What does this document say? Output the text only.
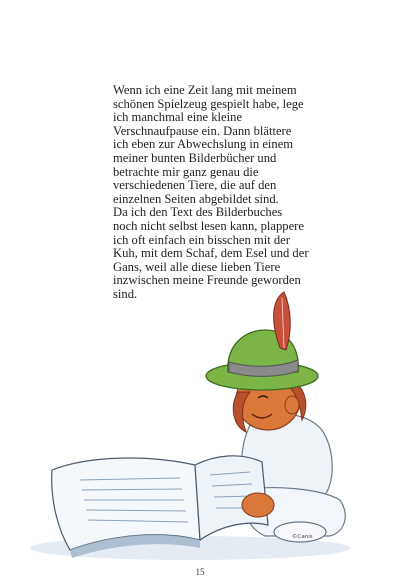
Wenn ich eine Zeit lang mit meinem schönen Spielzeug gespielt habe, lege ich manchmal eine kleine Verschnaufpause ein. Dann blättere ich eben zur Abwechslung in einem meiner bunten Bilderbücher und betrachte mir ganz genau die verschiedenen Tiere, die auf den einzelnen Seiten abgebildet sind.

Da ich den Text des Bilderbuches noch nicht selbst lesen kann, plappere ich oft einfach ein bisschen mit der Kuh, mit dem Schaf, dem Esel und der Gans, weil alle diese lieben Tiere inzwischen meine Freunde geworden sind.

©Canis
15
